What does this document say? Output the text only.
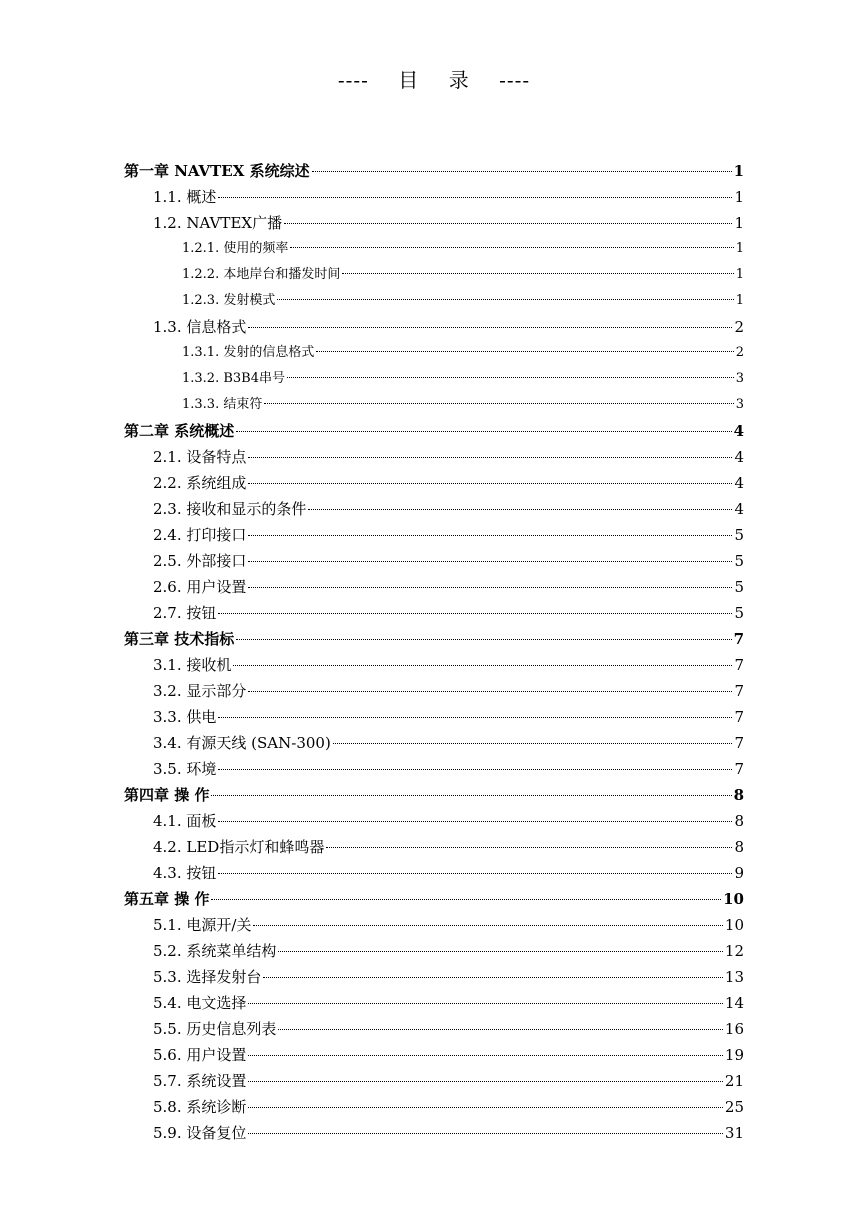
----    目    录    ----
第一章 NAVTEX 系统综述	1
1.1. 概述	1
1.2. NAVTEX广播	1
1.2.1. 使用的频率	1
1.2.2. 本地岸台和播发时间	1
1.2.3. 发射模式	1
1.3. 信息格式	2
1.3.1. 发射的信息格式	2
1.3.2. B3B4串号	3
1.3.3. 结束符	3
第二章 系统概述	4
2.1. 设备特点	4
2.2. 系统组成	4
2.3. 接收和显示的条件	4
2.4. 打印接口	5
2.5. 外部接口	5
2.6. 用户设置	5
2.7. 按钮	5
第三章 技术指标	7
3.1. 接收机	7
3.2. 显示部分	7
3.3. 供电	7
3.4. 有源天线 (SAN-300)	7
3.5. 环境	7
第四章 操 作	8
4.1. 面板	8
4.2. LED指示灯和蜂鸣器	8
4.3. 按钮	9
第五章 操 作	10
5.1. 电源开/关	10
5.2. 系统菜单结构	12
5.3. 选择发射台	13
5.4. 电文选择	14
5.5. 历史信息列表	16
5.6. 用户设置	19
5.7. 系统设置	21
5.8. 系统诊断	25
5.9. 设备复位	31
